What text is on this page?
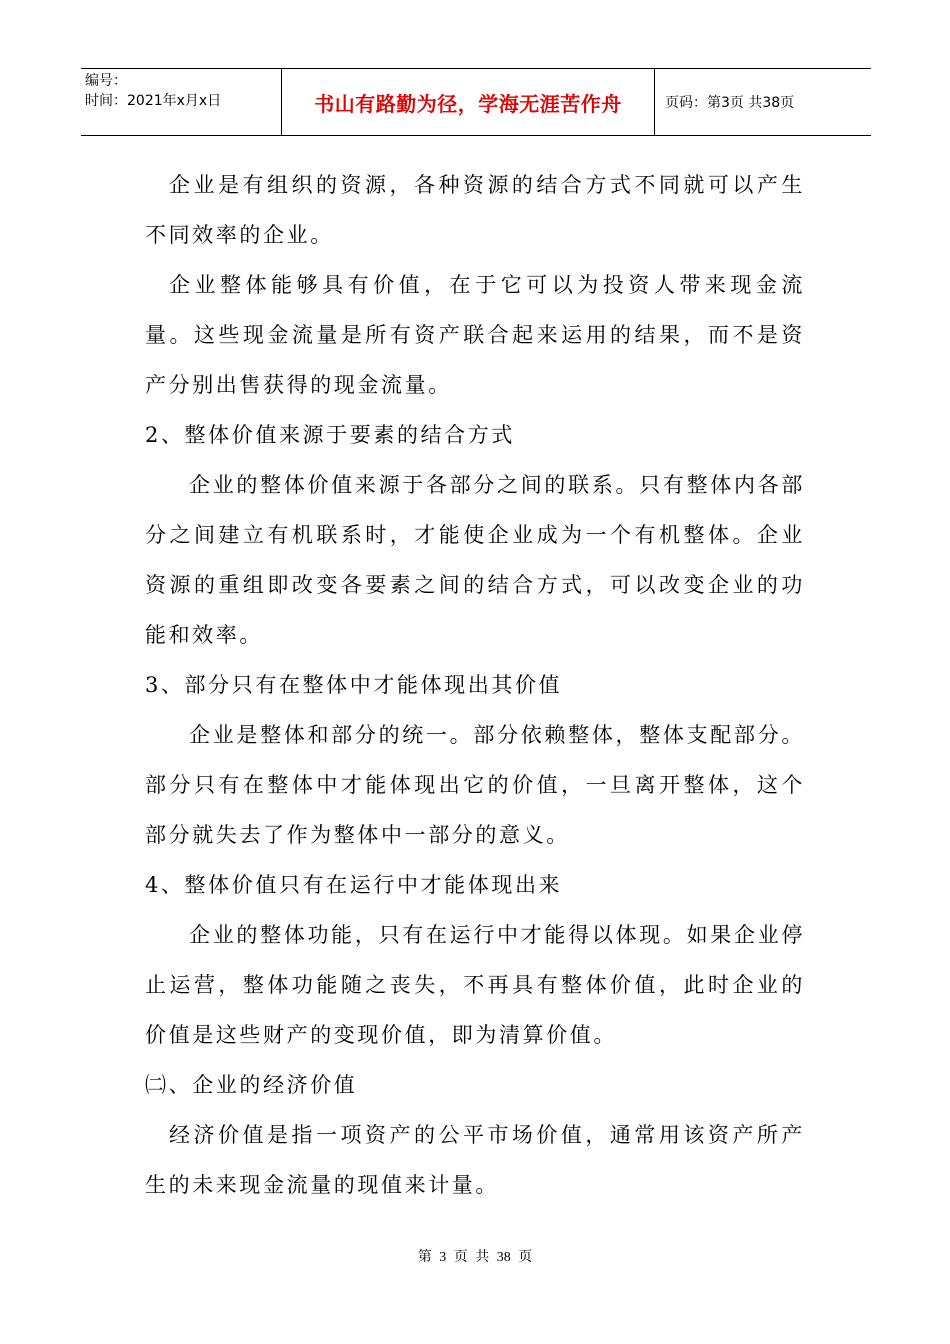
编号：
时间：2021年x月x日	书山有路勤为径，学海无涯苦作舟	页码：第3页 共38页

企业是有组织的资源，各种资源的结合方式不同就可以产生不同效率的企业。

企业整体能够具有价值，在于它可以为投资人带来现金流量。这些现金流量是所有资产联合起来运用的结果，而不是资产分别出售获得的现金流量。

2、整体价值来源于要素的结合方式

企业的整体价值来源于各部分之间的联系。只有整体内各部分之间建立有机联系时，才能使企业成为一个有机整体。企业资源的重组即改变各要素之间的结合方式，可以改变企业的功能和效率。

3、部分只有在整体中才能体现出其价值

企业是整体和部分的统一。部分依赖整体，整体支配部分。部分只有在整体中才能体现出它的价值，一旦离开整体，这个部分就失去了作为整体中一部分的意义。

4、整体价值只有在运行中才能体现出来

企业的整体功能，只有在运行中才能得以体现。如果企业停止运营，整体功能随之丧失，不再具有整体价值，此时企业的价值是这些财产的变现价值，即为清算价值。

㈡、企业的经济价值

经济价值是指一项资产的公平市场价值，通常用该资产所产生的未来现金流量的现值来计量。

第 3 页 共 38 页
